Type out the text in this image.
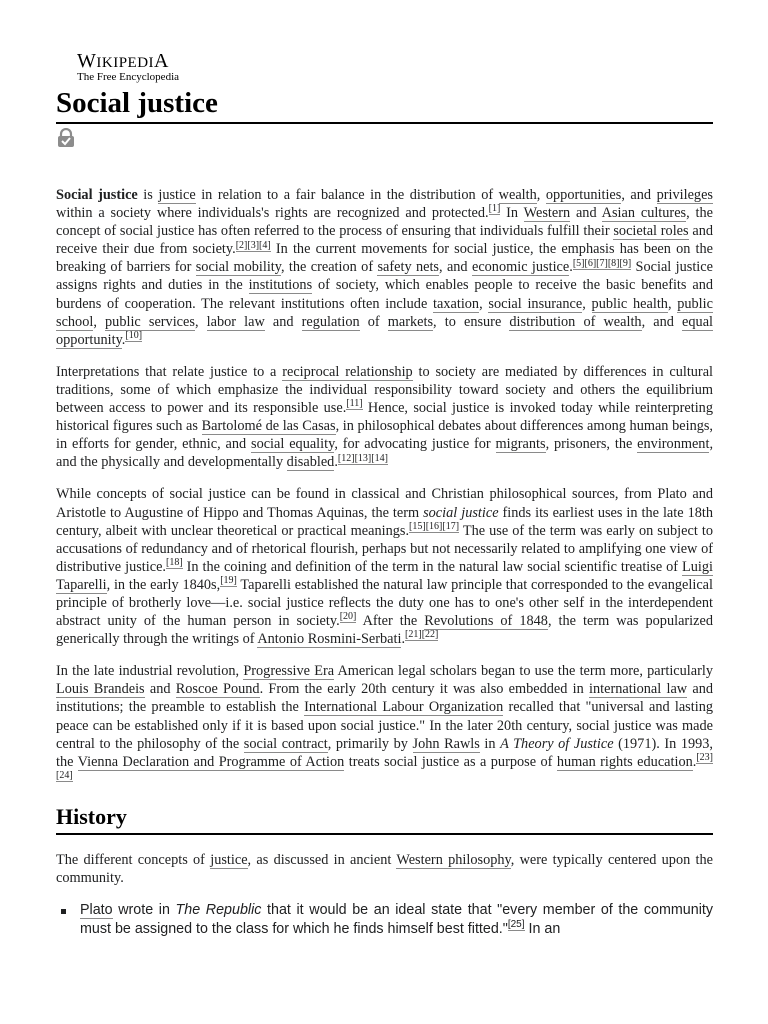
WIKIPEDIA
The Free Encyclopedia
Social justice

Social justice is justice in relation to a fair balance in the distribution of wealth, opportunities, and privileges within a society where individuals's rights are recognized and protected.[1] In Western and Asian cultures, the concept of social justice has often referred to the process of ensuring that individuals fulfill their societal roles and receive their due from society.[2][3][4] In the current movements for social justice, the emphasis has been on the breaking of barriers for social mobility, the creation of safety nets, and economic justice.[5][6][7][8][9] Social justice assigns rights and duties in the institutions of society, which enables people to receive the basic benefits and burdens of cooperation. The relevant institutions often include taxation, social insurance, public health, public school, public services, labor law and regulation of markets, to ensure distribution of wealth, and equal opportunity.[10]

Interpretations that relate justice to a reciprocal relationship to society are mediated by differences in cultural traditions, some of which emphasize the individual responsibility toward society and others the equilibrium between access to power and its responsible use.[11] Hence, social justice is invoked today while reinterpreting historical figures such as Bartolomé de las Casas, in philosophical debates about differences among human beings, in efforts for gender, ethnic, and social equality, for advocating justice for migrants, prisoners, the environment, and the physically and developmentally disabled.[12][13][14]

While concepts of social justice can be found in classical and Christian philosophical sources, from Plato and Aristotle to Augustine of Hippo and Thomas Aquinas, the term social justice finds its earliest uses in the late 18th century, albeit with unclear theoretical or practical meanings.[15][16][17] The use of the term was early on subject to accusations of redundancy and of rhetorical flourish, perhaps but not necessarily related to amplifying one view of distributive justice.[18] In the coining and definition of the term in the natural law social scientific treatise of Luigi Taparelli, in the early 1840s,[19] Taparelli established the natural law principle that corresponded to the evangelical principle of brotherly love—i.e. social justice reflects the duty one has to one's other self in the interdependent abstract unity of the human person in society.[20] After the Revolutions of 1848, the term was popularized generically through the writings of Antonio Rosmini-Serbati.[21][22]

In the late industrial revolution, Progressive Era American legal scholars began to use the term more, particularly Louis Brandeis and Roscoe Pound. From the early 20th century it was also embedded in international law and institutions; the preamble to establish the International Labour Organization recalled that "universal and lasting peace can be established only if it is based upon social justice." In the later 20th century, social justice was made central to the philosophy of the social contract, primarily by John Rawls in A Theory of Justice (1971). In 1993, the Vienna Declaration and Programme of Action treats social justice as a purpose of human rights education.[23][24]

History

The different concepts of justice, as discussed in ancient Western philosophy, were typically centered upon the community.

Plato wrote in The Republic that it would be an ideal state that "every member of the community must be assigned to the class for which he finds himself best fitted."[25] In an
